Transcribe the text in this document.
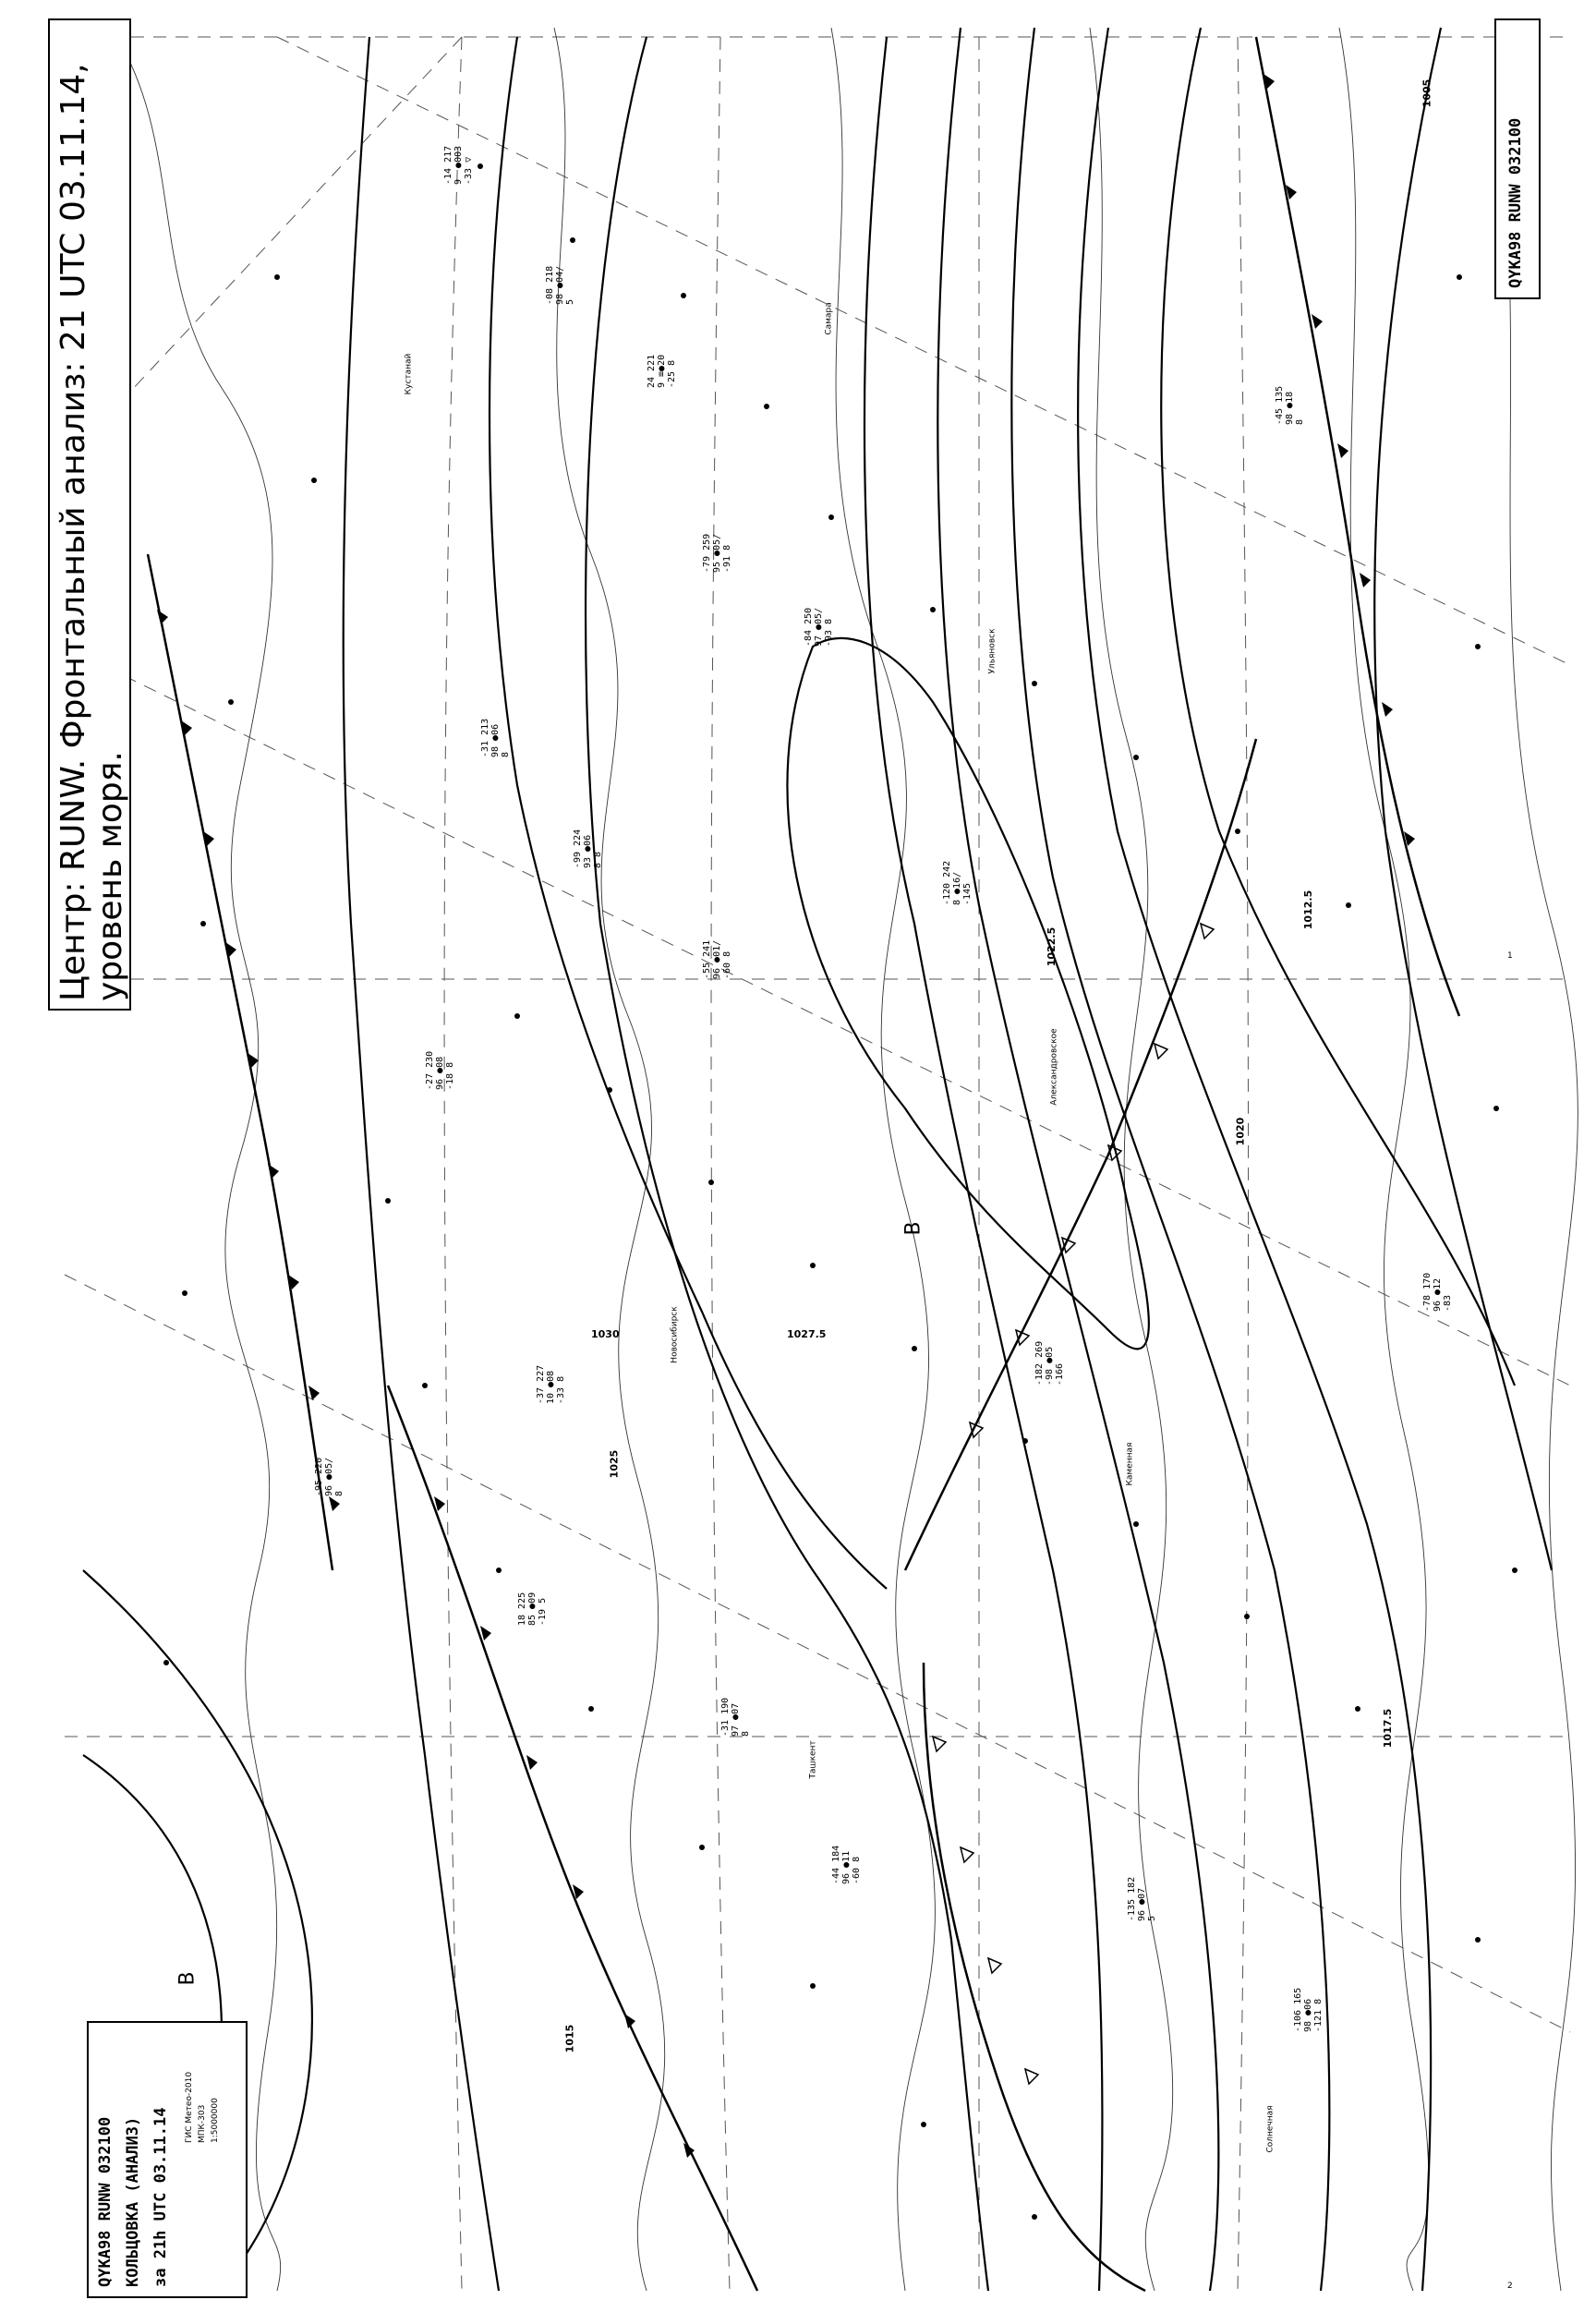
1005
1012.5
1015
1017.5
1020
1022.5
1025
1027.5
1030
B
B
1
2
Новосибирск
Кустанай
Александровское
Каменная
Ташкент
Ульяновск
Самара
Солнечная
-14 217
9  ●003
-33 ▽
-08 218
98 ●04/
5
24 221
9 ≡●20
-25 8
-79 259
95 ●05/
-91 8
-84 250
97 ●05/
-93 8
-31 213
98 ●06
8
-99 224
93 ●06
8 8
-55 241
96 ●01/
-60 8
-27 230
96 ●08
-18 8
-120 242
8 ●16/
-145
-182 269
-98 ●05
-166
-37 227
10 ●08
-33 8
-95 220
96 ●05/
8
18 225
85 ●09
-19 5
-31 190
97 ●07
8
-44 184
96 ●11
-60 8
-135 182
96 ●07
5
-106 165
98 ●06
-121 8
-78 170
96 ●12
-83
-45 135
98 ●18
8
Центр: RUNW. Фронтальный анализ: 21 UTC 03.11.14, уровень моря.
QYKA98 RUNW 032100
QYKA98 RUNW 032100 КОЛЬЦОВКА (АНАЛИЗ) за 21h UTC 03.11.14
ГИС Метео-2010 МПК-303 1:5000000
